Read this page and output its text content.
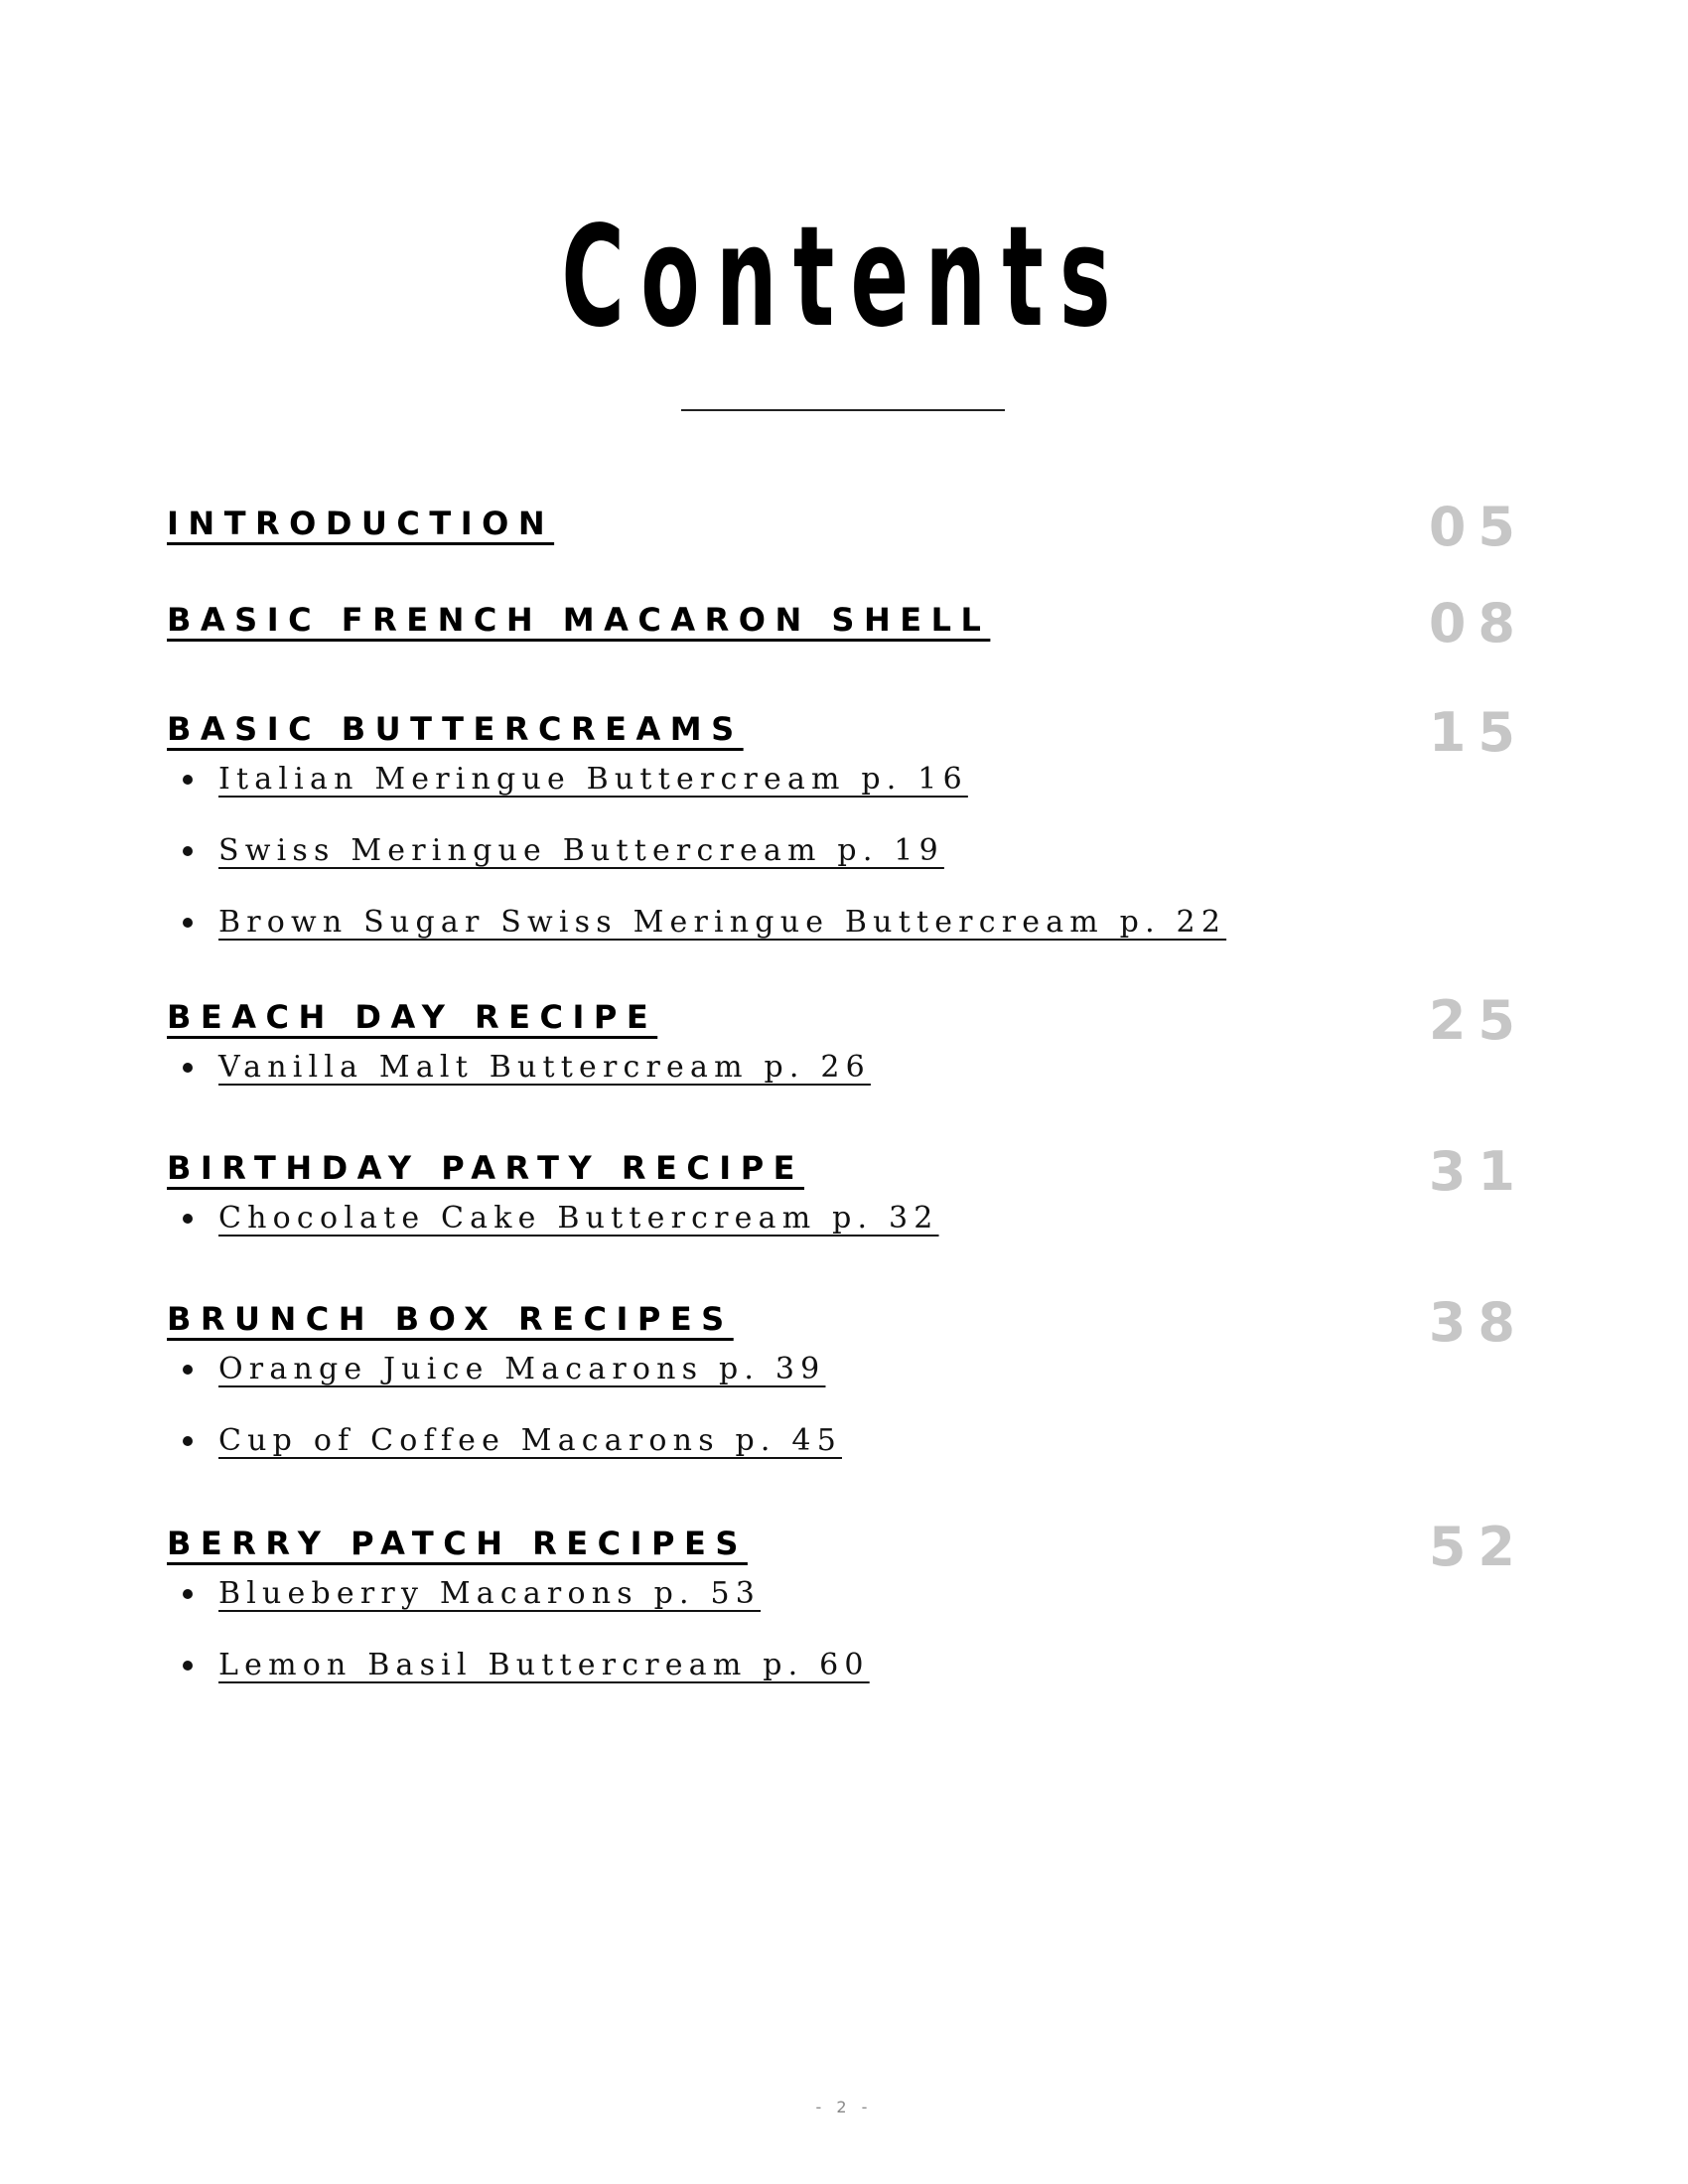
Contents
INTRODUCTION	05
BASIC FRENCH MACARON SHELL	08
BASIC BUTTERCREAMS	15
Italian Meringue Buttercream p. 16
Swiss Meringue Buttercream p. 19
Brown Sugar Swiss Meringue Buttercream p. 22
BEACH DAY RECIPE	25
Vanilla Malt Buttercream p. 26
BIRTHDAY PARTY RECIPE	31
Chocolate Cake Buttercream p. 32
BRUNCH BOX RECIPES	38
Orange Juice Macarons p. 39
Cup of Coffee Macarons p. 45
BERRY PATCH RECIPES	52
Blueberry Macarons p. 53
Lemon Basil Buttercream p. 60
- 2 -
